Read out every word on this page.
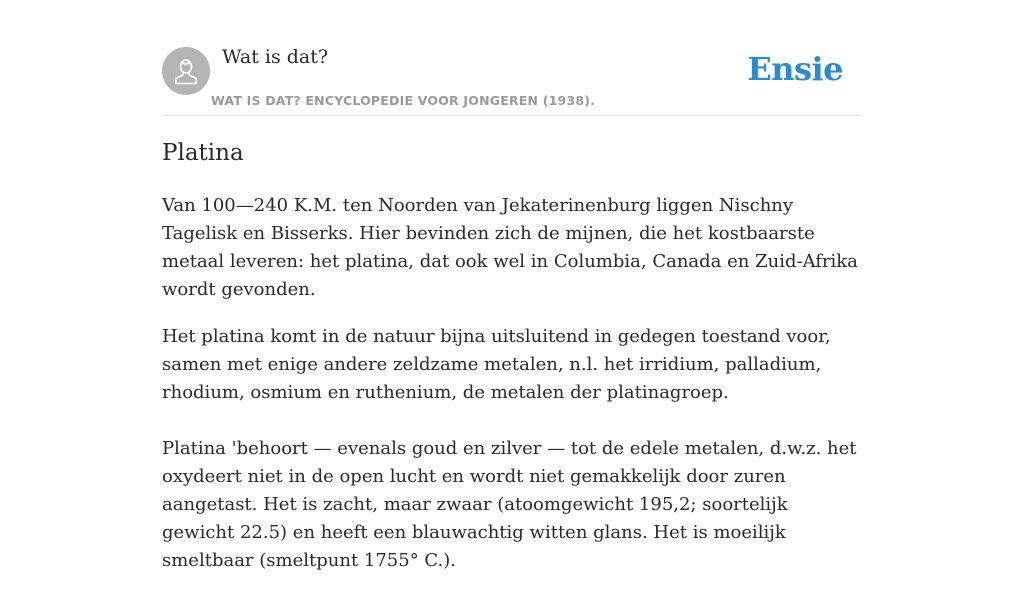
Wat is dat?
WAT IS DAT? ENCYCLOPEDIE VOOR JONGEREN (1938).
Ensie
Platina

Van 100—240 K.M. ten Noorden van Jekaterinenburg liggen Nischny Tagelisk en Bisserks. Hier bevinden zich de mijnen, die het kostbaarste metaal leveren: het platina, dat ook wel in Columbia, Canada en Zuid-Afrika wordt gevonden.

Het platina komt in de natuur bijna uitsluitend in gedegen toestand voor, samen met enige andere zeldzame metalen, n.l. het irridium, palladium, rhodium, osmium en ruthenium, de metalen der platinagroep.

Platina 'behoort — evenals goud en zilver — tot de edele metalen, d.w.z. het oxydeert niet in de open lucht en wordt niet gemakkelijk door zuren aangetast. Het is zacht, maar zwaar (atoomgewicht 195,2; soortelijk gewicht 22.5) en heeft een blauwachtig witten glans. Het is moeilijk smeltbaar (smeltpunt 1755° C.).
